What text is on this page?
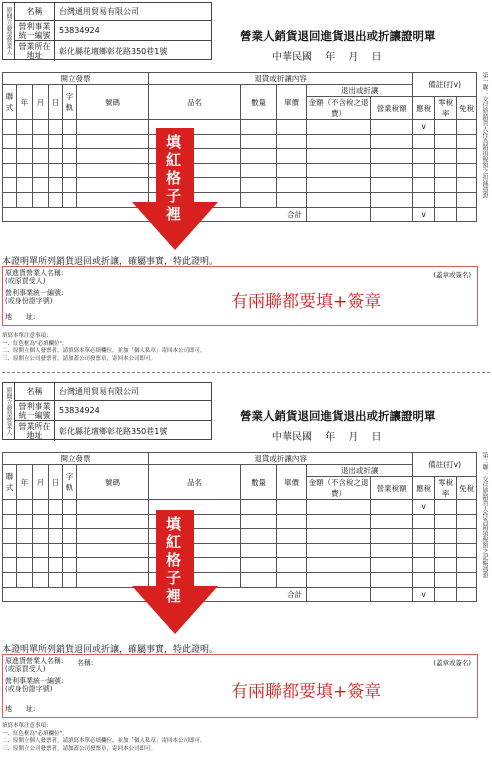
原開立發票營業人	名稱	台灣通用貿易有限公司
營利事業統一編號
53834924
營業所在地址	彰化縣花壇鄉彰花路350巷1號
營業人銷貨退回進貨退出或折讓證明單
中華民國 年 月 日
開立發票						退貨或折讓內容					備註(打v)		
聯式	年	月	日	字軌	號碼	品名	數量	單價	退出或折讓				
									金額（不含稅之退費）	營業稅額	應稅	零稅率	免稅
											v		

合計											v		
第一聯：交付原銷貨人作為銷項稅額之扣減憑證
填紅格子裡
本證明單所列銷貨退回或折讓，確屬事實，特此證明。
原進貨營業人名稱:
(或原買受人)
營利事業統一編號:
(或身份證字號)
地　　址:
(蓋章或簽名)
有兩聯都要填+簽章
填寫本單注意事項：
一、紅色框為"必填欄位"。
二、原開立個人發票者，請填寫本單必填欄位，並加「個人私章」寄回本公司即可。
三、原開立公司發票者，請加蓋公司發票章，寄回本公司即可。
原開立發票營業人	名稱	台灣通用貿易有限公司
營利事業統一編號
53834924
營業所在地址	彰化縣花壇鄉彰花路350巷1號
營業人銷貨退回進貨退出或折讓證明單
中華民國 年 月 日
開立發票						退貨或折讓內容					備註(打v)		
聯式	年	月	日	字軌	號碼	品名	數量	單價	退出或折讓				
									金額（不含稅之退費）	營業稅額	應稅	零稅率	免稅
											v		

合計											v		
第二聯：交付原銷貨人作為銷項稅額之記帳憑證
填紅格子裡
本證明單所列銷貨退回或折讓，確屬事實，特此證明。
原進貨營業人名稱:
(或原買受人)
名稱:
營利事業統一編號:
(或身份證字號)
地　　址:
(蓋章或簽名)
有兩聯都要填+簽章
填寫本單注意事項：
一、紅色框為"必填欄位"。
二、原開立個人發票者，請填寫本單必填欄位，並加「個人私章」寄回本公司即可。
三、原開立公司發票者，請加蓋公司發票章，寄回本公司即可。
